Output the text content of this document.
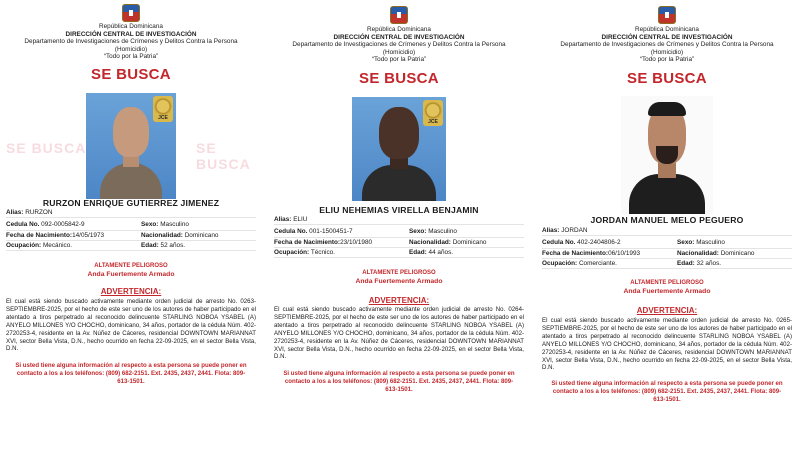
República Dominicana
DIRECCIÓN CENTRAL DE INVESTIGACIÓN
Departamento de Investigaciones de Crímenes y Delitos Contra la Persona
(Homicidio)
“Todo por la Patria”
SE BUSCA
JCE
RURZON ENRIQUE GUTIERREZ JIMENEZ
Alias: RURZON
Cedula No. 092-0005842-9	Sexo: Masculino
Fecha de Nacimiento:14/05/1973	Nacionalidad: Dominicano
Ocupación: Mecánico.	Edad: 52 años.
ALTAMENTE PELIGROSO
Anda Fuertemente Armado
ADVERTENCIA:
El cual está siendo buscado activamente mediante orden judicial de arresto No. 0263-SEPTIEMBRE-2025, por el hecho de este ser uno de los autores de haber participado en el atentado a tiros perpetrado al reconocido delincuente STARLING NOBOA YSABEL (A) ANYELO MILLONES Y/O CHOCHO, dominicano, 34 años, portador de la cédula Núm. 402-2720253-4, residente en la Av. Núñez de Cáceres, residencial DOWNTOWN MARIANNAT XVI, sector Bella Vista, D.N., hecho ocurrido en fecha 22-09-2025, en el sector Bella Vista, D.N.
Si usted tiene alguna información al respecto a esta persona se puede poner en contacto a los a los teléfonos: (809) 682-2151. Ext. 2435, 2437, 2441. Flota: 809-613-1501.
SE BUSCA	SE BUSCA
República Dominicana
DIRECCIÓN CENTRAL DE INVESTIGACIÓN
Departamento de Investigaciones de Crímenes y Delitos Contra la Persona
(Homicidio)
“Todo por la Patria”
SE BUSCA
JCE
ELIU NEHEMIAS VIRELLA BENJAMIN
Alias: ELIU
Cedula No. 001-1500451-7	Sexo: Masculino
Fecha de Nacimiento:23/10/1980	Nacionalidad: Dominicano
Ocupación: Técnico.	Edad: 44 años.
ALTAMENTE PELIGROSO
Anda Fuertemente Armado
ADVERTENCIA:
El cual está siendo buscado activamente mediante orden judicial de arresto No. 0264-SEPTIEMBRE-2025, por el hecho de este ser uno de los autores de haber participado en el atentado a tiros perpetrado al reconocido delincuente STARLING NOBOA YSABEL (A) ANYELO MILLONES Y/O CHOCHO, dominicano, 34 años, portador de la cédula Núm. 402-2720253-4, residente en la Av. Núñez de Cáceres, residencial DOWNTOWN MARIANNAT XVI, sector Bella Vista, D.N., hecho ocurrido en fecha 22-09-2025, en el sector Bella Vista, D.N.
Si usted tiene alguna información al respecto a esta persona se puede poner en contacto a los a los teléfonos: (809) 682-2151. Ext. 2435, 2437, 2441. Flota: 809-613-1501.
República Dominicana
DIRECCIÓN CENTRAL DE INVESTIGACIÓN
Departamento de Investigaciones de Crímenes y Delitos Contra la Persona
(Homicidio)
“Todo por la Patria”
SE BUSCA
JORDAN MANUEL MELO PEGUERO
Alias: JORDAN
Cedula No. 402-2404806-2	Sexo: Masculino
Fecha de Nacimiento:06/10/1993	Nacionalidad: Dominicano
Ocupación: Comerciante.	Edad: 32 años.
ALTAMENTE PELIGROSO
Anda Fuertemente Armado
ADVERTENCIA:
El cual está siendo buscado activamente mediante orden judicial de arresto No. 0265-SEPTIEMBRE-2025, por el hecho de este ser uno de los autores de haber participado en el atentado a tiros perpetrado al reconocido delincuente STARLING NOBOA YSABEL (A) ANYELO MILLONES Y/O CHOCHO, dominicano, 34 años, portador de la cédula Núm. 402-2720253-4, residente en la Av. Núñez de Cáceres, residencial DOWNTOWN MARIANNAT XVI, sector Bella Vista, D.N., hecho ocurrido en fecha 22-09-2025, en el sector Bella Vista, D.N.
Si usted tiene alguna información al respecto a esta persona se puede poner en contacto a los a los teléfonos: (809) 682-2151. Ext. 2435, 2437, 2441. Flota: 809-613-1501.
